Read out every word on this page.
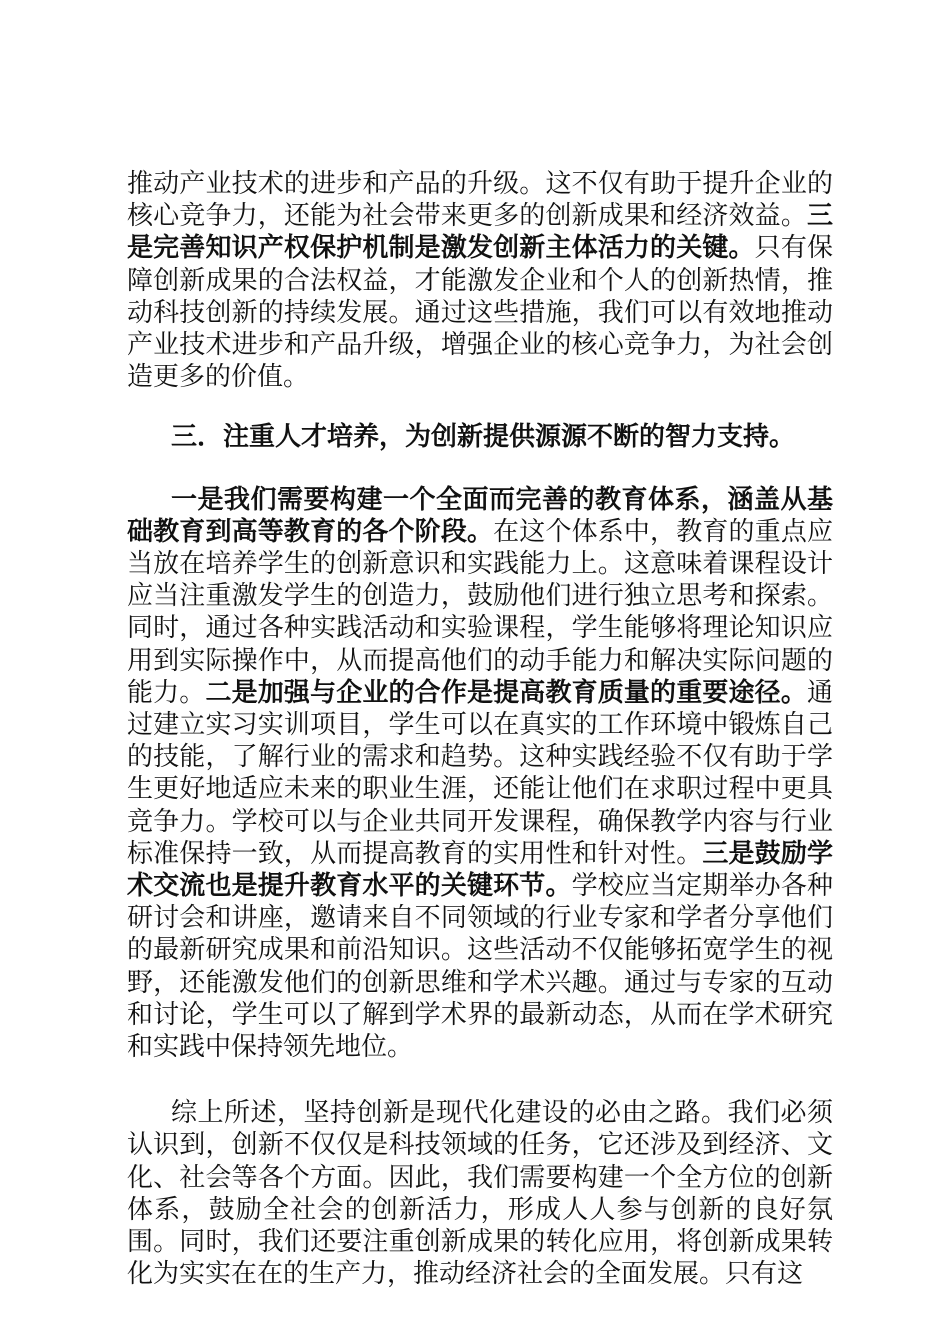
推动产业技术的进步和产品的升级。这不仅有助于提升企业的核心竞争力，还能为社会带来更多的创新成果和经济效益。三是完善知识产权保护机制是激发创新主体活力的关键。只有保障创新成果的合法权益，才能激发企业和个人的创新热情，推动科技创新的持续发展。通过这些措施，我们可以有效地推动产业技术进步和产品升级，增强企业的核心竞争力，为社会创造更多的价值。

三．注重人才培养，为创新提供源源不断的智力支持。

一是我们需要构建一个全面而完善的教育体系，涵盖从基础教育到高等教育的各个阶段。在这个体系中，教育的重点应当放在培养学生的创新意识和实践能力上。这意味着课程设计应当注重激发学生的创造力，鼓励他们进行独立思考和探索。同时，通过各种实践活动和实验课程，学生能够将理论知识应用到实际操作中，从而提高他们的动手能力和解决实际问题的能力。二是加强与企业的合作是提高教育质量的重要途径。通过建立实习实训项目，学生可以在真实的工作环境中锻炼自己的技能，了解行业的需求和趋势。这种实践经验不仅有助于学生更好地适应未来的职业生涯，还能让他们在求职过程中更具竞争力。学校可以与企业共同开发课程，确保教学内容与行业标准保持一致，从而提高教育的实用性和针对性。三是鼓励学术交流也是提升教育水平的关键环节。学校应当定期举办各种研讨会和讲座，邀请来自不同领域的行业专家和学者分享他们的最新研究成果和前沿知识。这些活动不仅能够拓宽学生的视野，还能激发他们的创新思维和学术兴趣。通过与专家的互动和讨论，学生可以了解到学术界的最新动态，从而在学术研究和实践中保持领先地位。

综上所述，坚持创新是现代化建设的必由之路。我们必须认识到，创新不仅仅是科技领域的任务，它还涉及到经济、文化、社会等各个方面。因此，我们需要构建一个全方位的创新体系，鼓励全社会的创新活力，形成人人参与创新的良好氛围。同时，我们还要注重创新成果的转化应用，将创新成果转化为实实在在的生产力，推动经济社会的全面发展。只有这
